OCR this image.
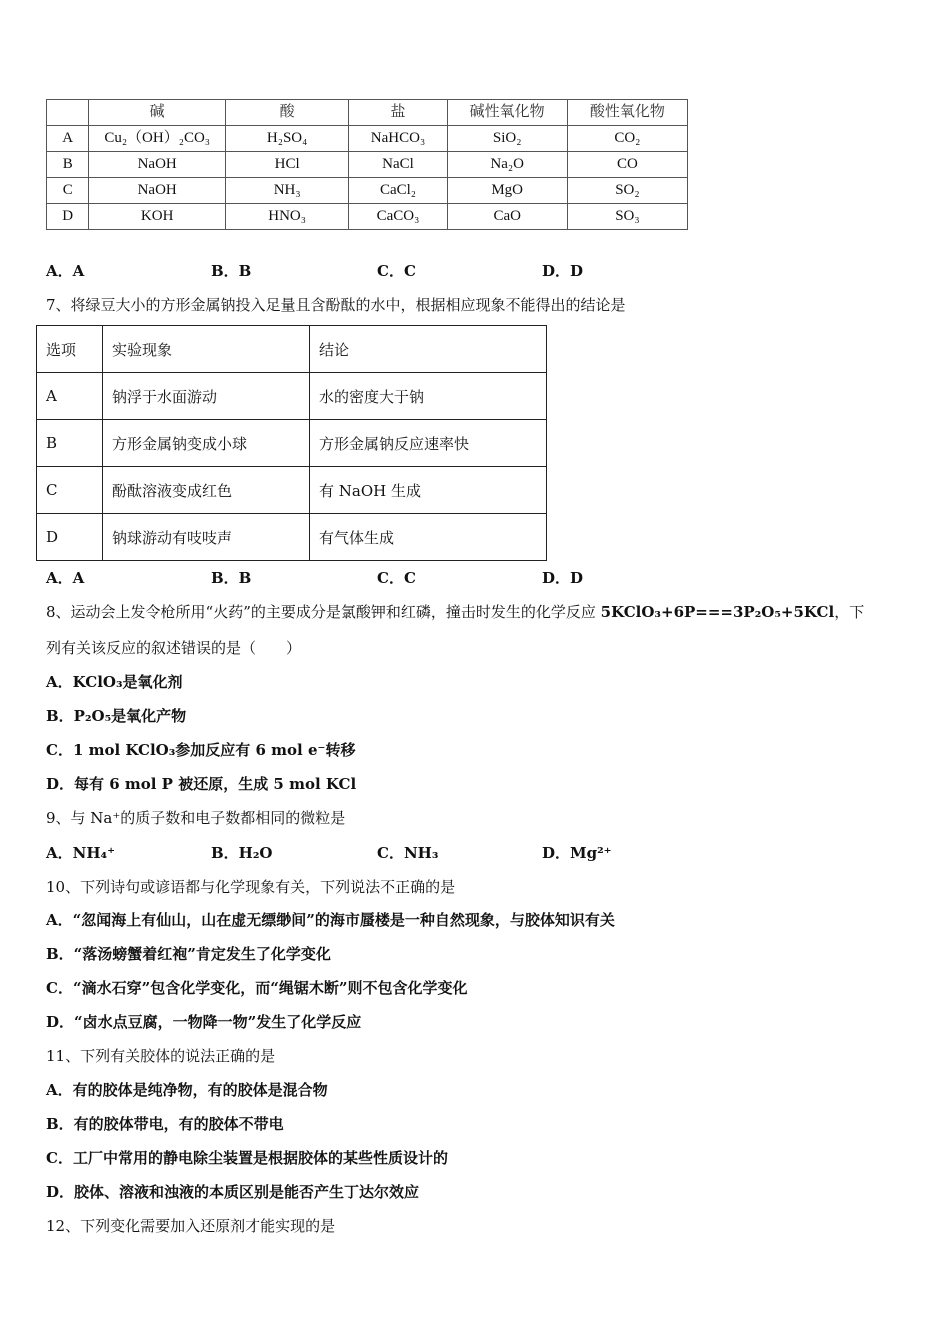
	碱	酸	盐	碱性氧化物	酸性氧化物
A	Cu₂（OH）₂CO₃	H₂SO₄	NaHCO₃	SiO₂	CO₂
B	NaOH	HCl	NaCl	Na₂O	CO
C	NaOH	NH₃	CaCl₂	MgO	SO₂
D	KOH	HNO₃	CaCO₃	CaO	SO₃
A．A	B．B	C．C	D．D
7、将绿豆大小的方形金属钠投入足量且含酚酞的水中，根据相应现象不能得出的结论是
选项	实验现象	结论
A	钠浮于水面游动	水的密度大于钠
B	方形金属钠变成小球	方形金属钠反应速率快
C	酚酞溶液变成红色	有 NaOH 生成
D	钠球游动有吱吱声	有气体生成
A．A	B．B	C．C	D．D
8、运动会上发令枪所用“火药”的主要成分是氯酸钾和红磷，撞击时发生的化学反应 5KClO₃+6P===3P₂O₅+5KCl，下
列有关该反应的叙述错误的是（　　）
A．KClO₃是氧化剂
B．P₂O₅是氧化产物
C．1 mol KClO₃参加反应有 6 mol e⁻转移
D．每有 6 mol P 被还原，生成 5 mol KCl
9、与 Na⁺的质子数和电子数都相同的微粒是
A．NH₄⁺	B．H₂O	C．NH₃	D．Mg²⁺
10、下列诗句或谚语都与化学现象有关，下列说法不正确的是
A．“忽闻海上有仙山，山在虚无缥缈间”的海市蜃楼是一种自然现象，与胶体知识有关
B．“落汤螃蟹着红袍”肯定发生了化学变化
C．“滴水石穿”包含化学变化，而“绳锯木断”则不包含化学变化
D．“卤水点豆腐，一物降一物”发生了化学反应
11、下列有关胶体的说法正确的是
A．有的胶体是纯净物，有的胶体是混合物
B．有的胶体带电，有的胶体不带电
C．工厂中常用的静电除尘装置是根据胶体的某些性质设计的
D．胶体、溶液和浊液的本质区别是能否产生丁达尔效应
12、下列变化需要加入还原剂才能实现的是
